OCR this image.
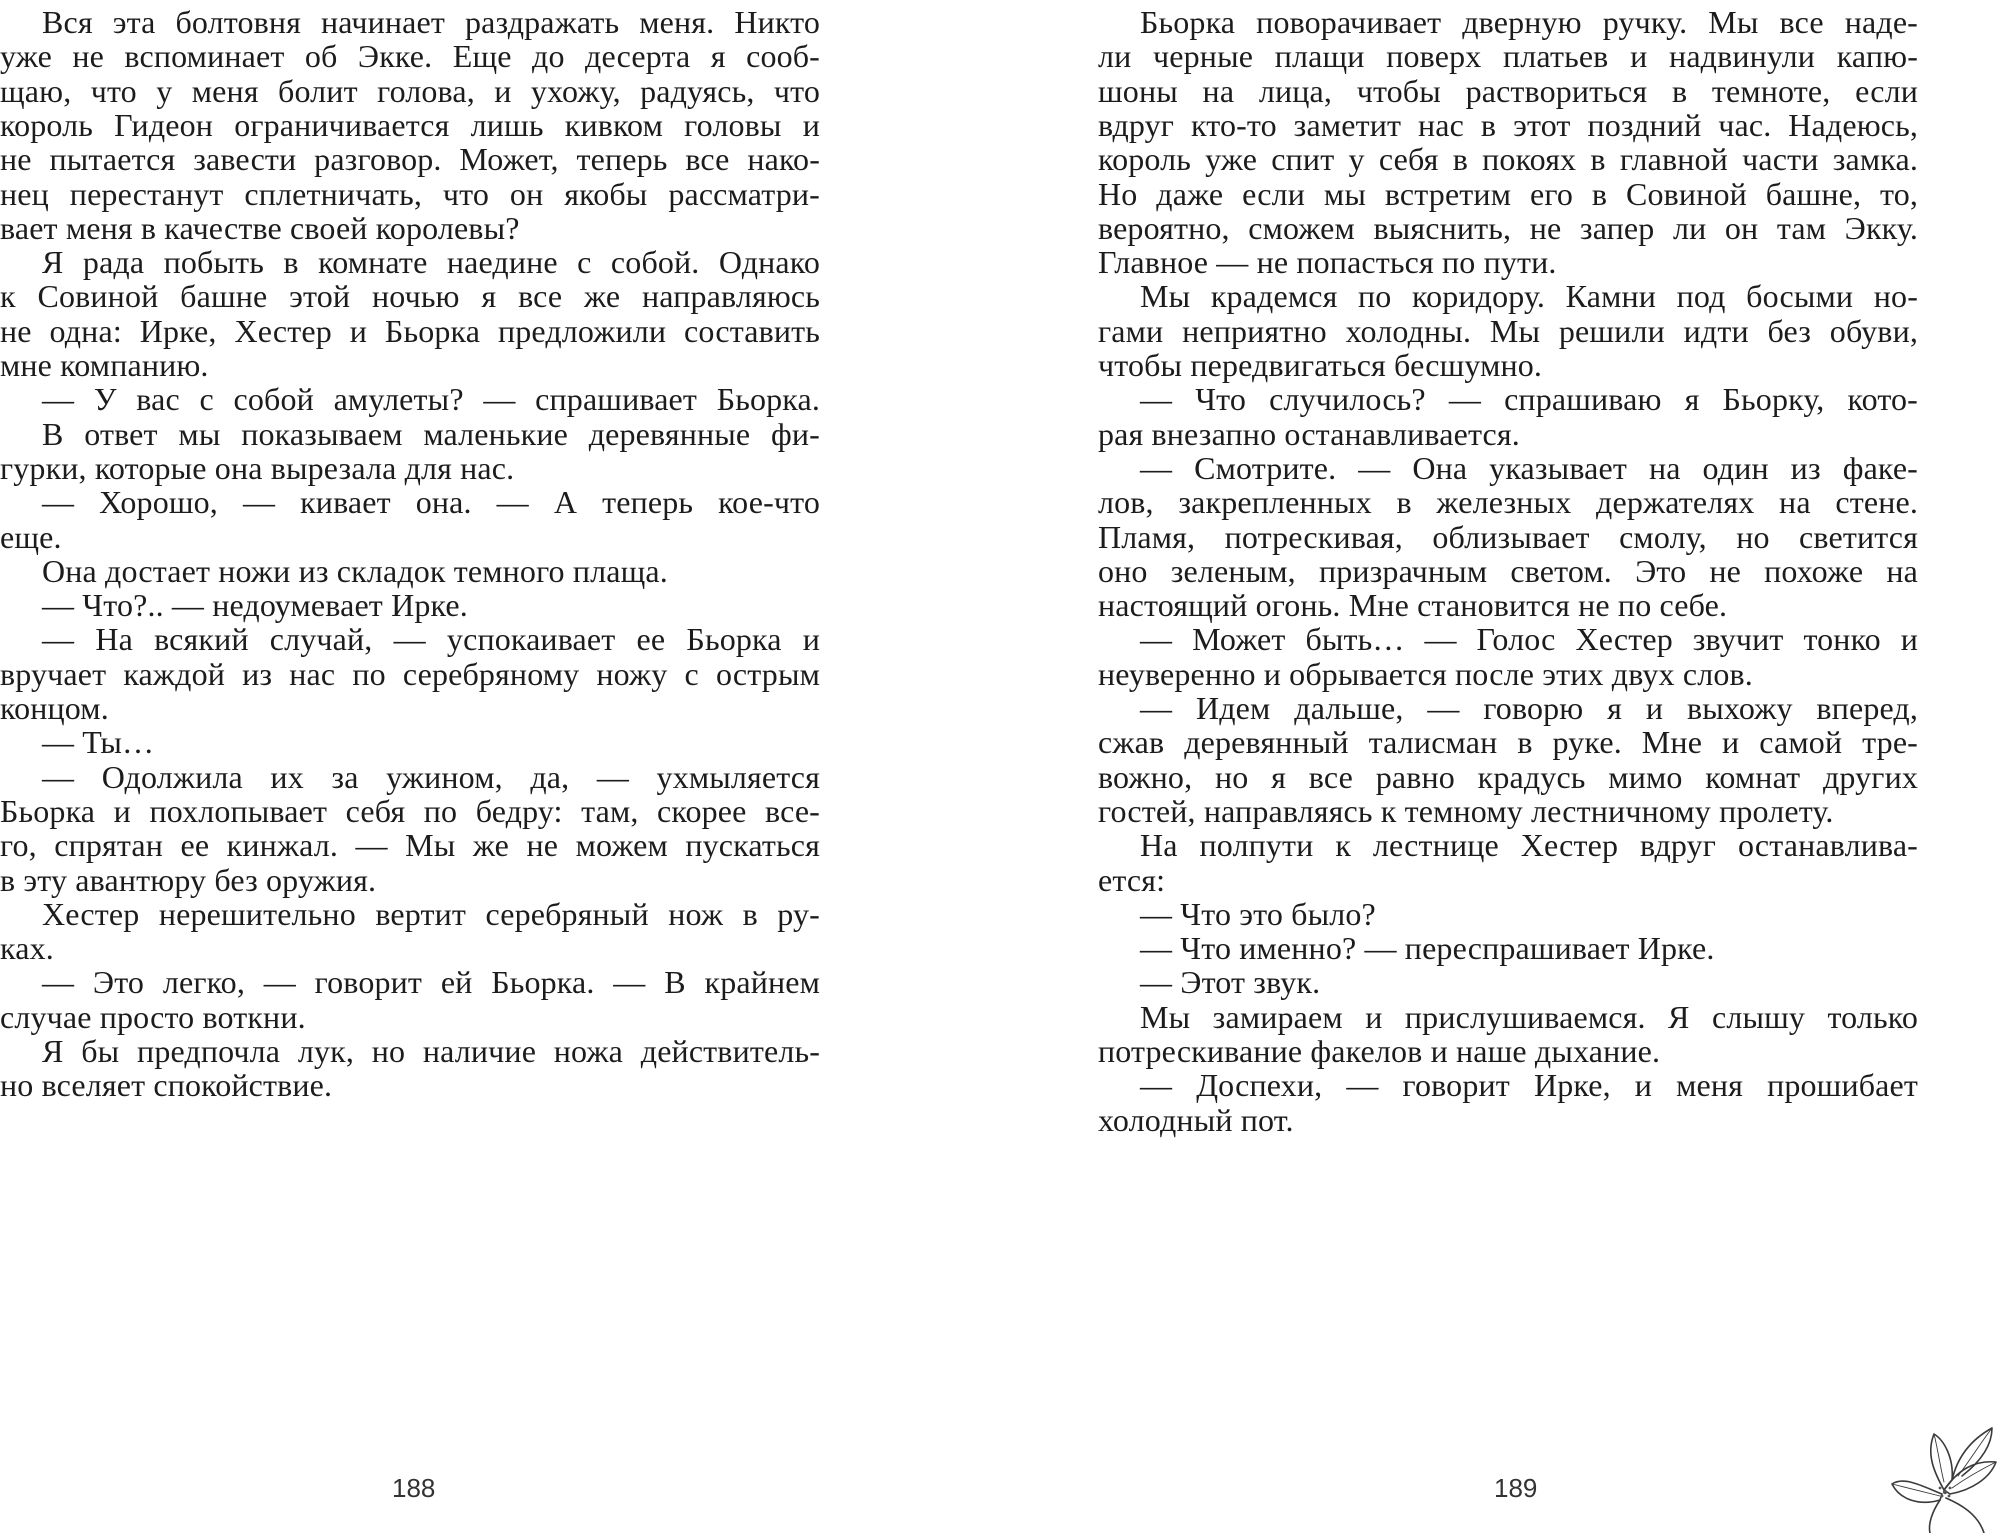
Вся эта болтовня начинает раздражать меня. Никто
уже не вспоминает об Экке. Еще до десерта я сооб-
щаю, что у меня болит голова, и ухожу, радуясь, что
король Гидеон ограничивается лишь кивком головы и
не пытается завести разговор. Может, теперь все нако-
нец перестанут сплетничать, что он якобы рассматри-
вает меня в качестве своей королевы?
Я рада побыть в комнате наедине с собой. Однако
к Совиной башне этой ночью я все же направляюсь
не одна: Ирке, Хестер и Бьорка предложили составить
мне компанию.
— У вас с собой амулеты? — спрашивает Бьорка.
В ответ мы показываем маленькие деревянные фи-
гурки, которые она вырезала для нас.
— Хорошо, — кивает она. — А теперь кое-что
еще.
Она достает ножи из складок темного плаща.
— Что?.. — недоумевает Ирке.
— На всякий случай, — успокаивает ее Бьорка и
вручает каждой из нас по серебряному ножу с острым
концом.
— Ты…
— Одолжила их за ужином, да, — ухмыляется
Бьорка и похлопывает себя по бедру: там, скорее все-
го, спрятан ее кинжал. — Мы же не можем пускаться
в эту авантюру без оружия.
Хестер нерешительно вертит серебряный нож в ру-
ках.
— Это легко, — говорит ей Бьорка. — В крайнем
случае просто воткни.
Я бы предпочла лук, но наличие ножа действитель-
но вселяет спокойствие.
188
Бьорка поворачивает дверную ручку. Мы все наде-
ли черные плащи поверх платьев и надвинули капю-
шоны на лица, чтобы раствориться в темноте, если
вдруг кто-то заметит нас в этот поздний час. Надеюсь,
король уже спит у себя в покоях в главной части замка.
Но даже если мы встретим его в Совиной башне, то,
вероятно, сможем выяснить, не запер ли он там Экку.
Главное — не попасться по пути.
Мы крадемся по коридору. Камни под босыми но-
гами неприятно холодны. Мы решили идти без обуви,
чтобы передвигаться бесшумно.
— Что случилось? — спрашиваю я Бьорку, кото-
рая внезапно останавливается.
— Смотрите. — Она указывает на один из факе-
лов, закрепленных в железных держателях на стене.
Пламя, потрескивая, облизывает смолу, но светится
оно зеленым, призрачным светом. Это не похоже на
настоящий огонь. Мне становится не по себе.
— Может быть… — Голос Хестер звучит тонко и
неуверенно и обрывается после этих двух слов.
— Идем дальше, — говорю я и выхожу вперед,
сжав деревянный талисман в руке. Мне и самой тре-
вожно, но я все равно крадусь мимо комнат других
гостей, направляясь к темному лестничному пролету.
На полпути к лестнице Хестер вдруг останавлива-
ется:
— Что это было?
— Что именно? — переспрашивает Ирке.
— Этот звук.
Мы замираем и прислушиваемся. Я слышу только
потрескивание факелов и наше дыхание.
— Доспехи, — говорит Ирке, и меня прошибает
холодный пот.
189
